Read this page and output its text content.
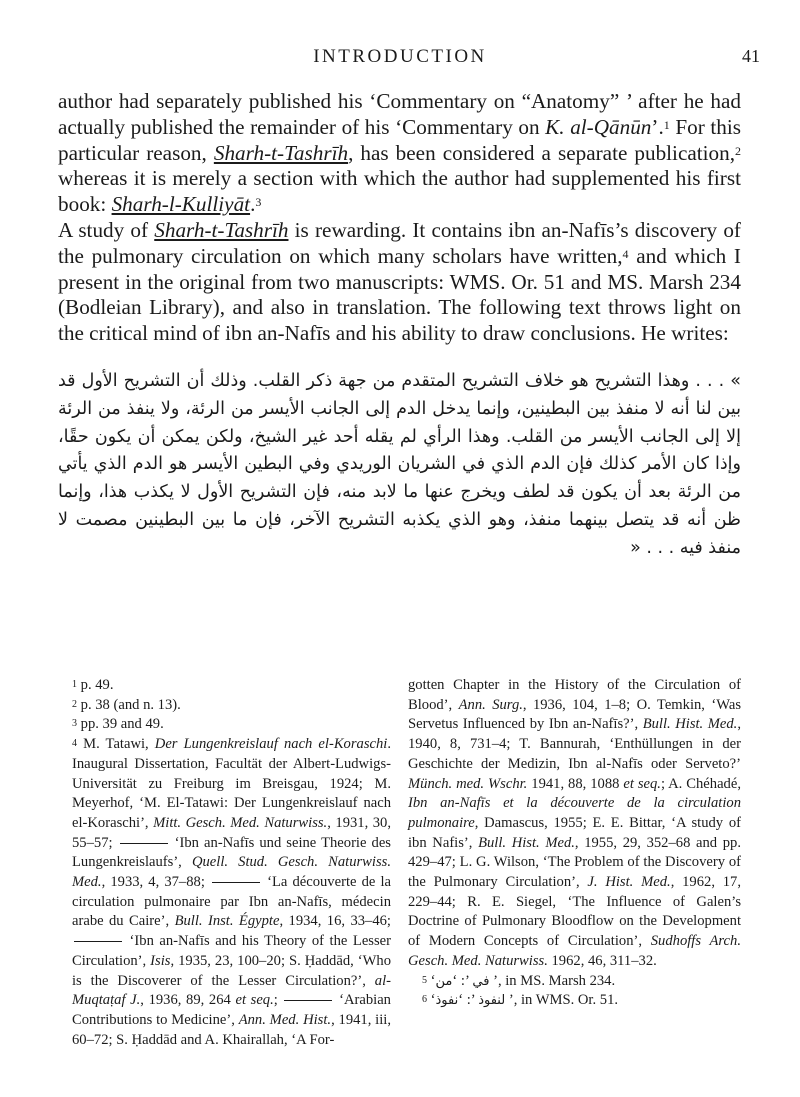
INTRODUCTION	41

author had separately published his ‘Commentary on “Anatomy” ’ after he had actually published the remainder of his ‘Commentary on K. al-Qānūn’.$^1$ For this particular reason, Sharh-t-Tashrīh, has been considered a separate publication,$^2$ whereas it is merely a section with which the author had supplemented his first book: Sharh-l-Kulliyāt.$^3$

A study of Sharh-t-Tashrīh is rewarding. It contains ibn an-Nafīs’s discovery of the pulmonary circulation on which many scholars have written,$^4$ and which I present in the original from two manuscripts: WMS. Or. 51 and MS. Marsh 234 (Bodleian Library), and also in translation. The following text throws light on the critical mind of ibn an-Nafīs and his ability to draw conclusions. He writes:

» . . . وهذا التشريح هو خلاف التشريح المتقدم من جهة ذكر القلب. وذلك أن التشريح الأول قد بين لنا أنه لا منفذ بين البطينين، وإنما يدخل الدم إلى الجانب الأيسر من الرئة، ولا ينفذ من الرئة إلا إلى الجانب الأيسر من القلب. وهذا الرأي لم يقله أحد غير الشيخ، ولكن يمكن أن يكون حقًا، وإذا كان الأمر كذلك فإن الدم الذي في الشريان الوريدي وفي البطين الأيسر هو الدم الذي يأتي من الرئة بعد أن يكون قد لطف ويخرج عنها ما لابد منه، فإن التشريح الأول لا يكذب هذا، وإنما ظن أنه قد يتصل بينهما منفذ، وهو الذي يكذبه التشريح الآخر، فإن ما بين البطينين مصمت لا منفذ فيه . . . «

$^1$ p. 49.

$^2$ p. 38 (and n. 13).

$^3$ pp. 39 and 49.

$^4$ M. Tatawi, Der Lungenkreislauf nach el-Koraschi. Inaugural Dissertation, Facultät der Albert-Ludwigs-Universität zu Freiburg im Breisgau, 1924; M. Meyerhof, ‘M. El-Tatawi: Der Lungenkreislauf nach el-Koraschi’, Mitt. Gesch. Med. Naturwiss., 1931, 30, 55–57;	‘Ibn an-Nafīs und seine Theorie des Lungenkreislaufs’, Quell. Stud. Gesch. Naturwiss. Med., 1933, 4, 37–88;	‘La découverte de la circulation pulmonaire par Ibn an-Nafīs, médecin arabe du Caire’, Bull. Inst. Égypte, 1934, 16, 33–46; ‘Ibn an-Nafīs and his Theory of the Lesser Circulation’, Isis, 1935, 23, 100–20; S. Ḥaddād, ‘Who is the Discoverer of the Lesser Circulation?’, al-Muqtaṭaf J., 1936, 89, 264 et seq.;	‘Arabian Contributions to Medicine’, Ann. Med. Hist., 1941, iii, 60–72; S. Ḥaddād and A. Khairallah, ‘A For-

gotten Chapter in the History of the Circulation of Blood’, Ann. Surg., 1936, 104, 1–8; O. Temkin, ‘Was Servetus Influenced by Ibn an-Nafīs?’, Bull. Hist. Med., 1940, 8, 731–4; T. Bannurah, ‘Enthüllungen in der Geschichte der Medizin, Ibn al-Nafīs oder Serveto?’ Münch. med. Wschr. 1941, 88, 1088 et seq.; A. Chéhadé, Ibn an-Nafīs et la découverte de la circulation pulmonaire, Damascus, 1955; E. E. Bittar, ‘A study of ibn Nafis’, Bull. Hist. Med., 1955, 29, 352–68 and pp. 429–47; L. G. Wilson, ‘The Problem of the Discovery of the Pulmonary Circulation’, J. Hist. Med., 1962, 17, 229–44; R. E. Siegel, ‘The Influence of Galen’s Doctrine of Pulmonary Bloodflow on the Development of Modern Concepts of Circulation’, Sudhoffs Arch. Gesch. Med. Naturwiss. 1962, 46, 311–32.

$^5$ ‘	في ’: ‘من	’, in MS. Marsh 234.

$^6$ ‘	لنفوذ ’: ‘نفوذ	’, in WMS. Or. 51.
